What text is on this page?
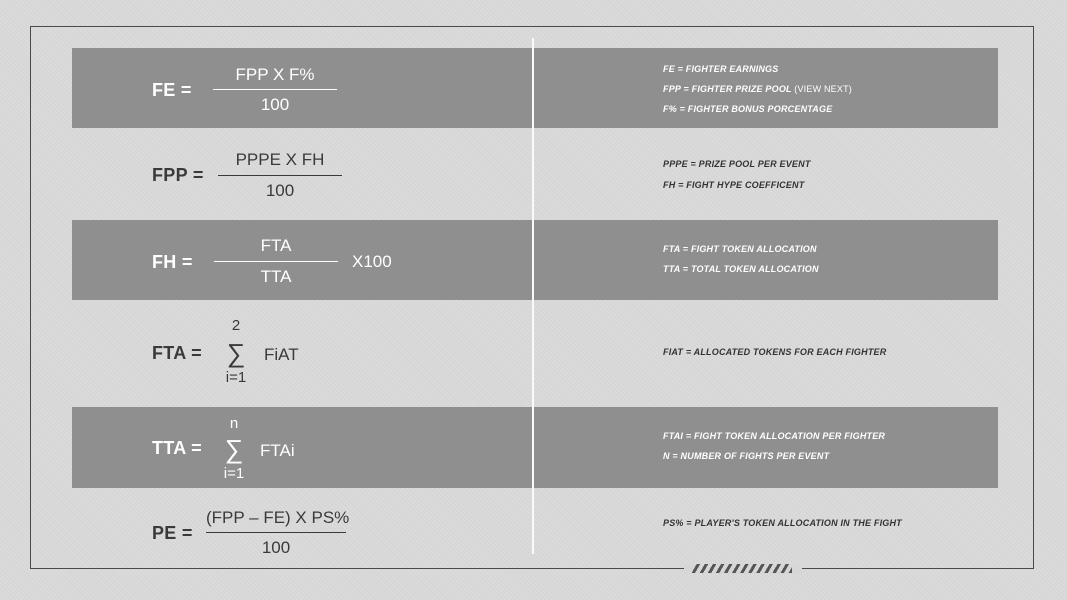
FE =
FPP X F%
100
FE = FIGHTER EARNINGS
FPP = FIGHTER PRIZE POOL (VIEW NEXT)
F% = FIGHTER BONUS PORCENTAGE
FPP =
PPPE X FH
100
PPPE = PRIZE POOL PER EVENT
FH = FIGHT HYPE COEFFICENT
FH =
FTA
TTA
X100
FTA = FIGHT TOKEN ALLOCATION
TTA = TOTAL TOKEN ALLOCATION
FTA =
2
∑
i=1
FiAT	FIAT = ALLOCATED TOKENS FOR EACH FIGHTER
TTA =
n
∑
i=1
FTAi
FTAI = FIGHT TOKEN ALLOCATION PER FIGHTER
N = NUMBER OF FIGHTS PER EVENT
PE =
(FPP – FE) X PS%
100
PS% = PLAYER'S TOKEN ALLOCATION IN THE FIGHT
